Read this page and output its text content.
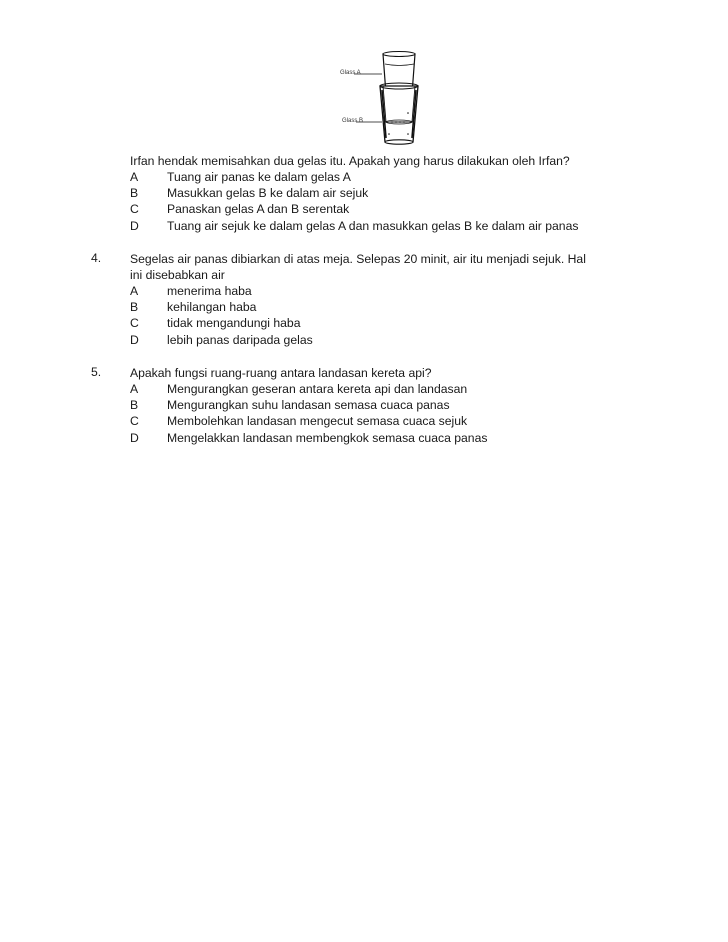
Glass A
Glass B
Irfan hendak memisahkan dua gelas itu. Apakah yang harus dilakukan oleh Irfan?
A	Tuang air panas ke dalam gelas A
B	Masukkan gelas B ke dalam air sejuk
C	Panaskan gelas A dan B serentak
D	Tuang air sejuk ke dalam gelas A dan masukkan gelas B ke dalam air panas
4. Segelas air panas dibiarkan di atas meja. Selepas 20 minit, air itu menjadi sejuk. Hal ini disebabkan air
A	menerima haba
B	kehilangan haba
C	tidak mengandungi haba
D	lebih panas daripada gelas
5. Apakah fungsi ruang-ruang antara landasan kereta api?
A	Mengurangkan geseran antara kereta api dan landasan
B	Mengurangkan suhu landasan semasa cuaca panas
C	Membolehkan landasan mengecut semasa cuaca sejuk
D	Mengelakkan landasan membengkok semasa cuaca panas
